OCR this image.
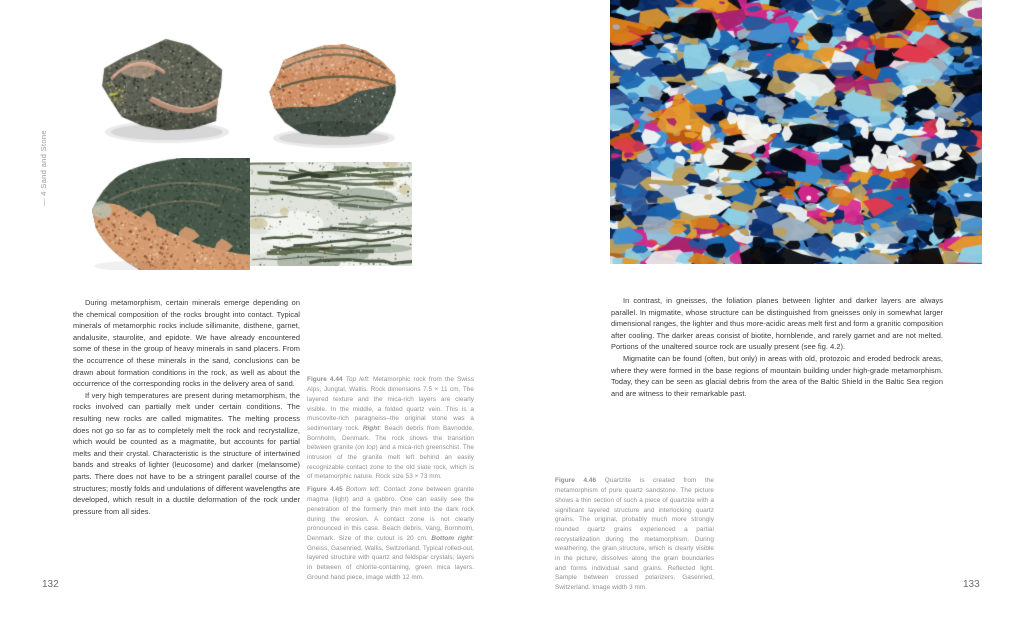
— 4 Sand and Stone

During metamorphism, certain minerals emerge depending on the chemical composition of the rocks brought into contact. Typical minerals of metamorphic rocks include sillimanite, disthene, garnet, andalusite, staurolite, and epidote. We have already encountered some of these in the group of heavy minerals in sand placers. From the occurrence of these minerals in the sand, conclusions can be drawn about formation conditions in the rock, as well as about the occurrence of the corresponding rocks in the delivery area of sand.

If very high temperatures are present during metamorphism, the rocks involved can partially melt under certain conditions. The resulting new rocks are called migmatites. The melting process does not go so far as to completely melt the rock and recrystallize, which would be counted as a magmatite, but accounts for partial melts and their crystal. Characteristic is the structure of intertwined bands and streaks of lighter (leucosome) and darker (melansome) parts. There does not have to be a stringent parallel course of the structures; mostly folds and undulations of different wavelengths are developed, which result in a ductile deformation of the rock under pressure from all sides.

Figure 4.44 Top left: Metamorphic rock from the Swiss Alps, Jungtal, Wallis. Rock dimensions 7.5 × 11 cm. The layered texture and the mica-rich layers are clearly visible. In the middle, a folded quartz vein. This is a muscovite-rich paragneiss–the original stone was a sedimentary rock. Right: Beach debris from Bavnodde, Bornholm, Denmark. The rock shows the transition between granite (on top) and a mica-rich greenschist. The intrusion of the granite melt left behind an easily recognizable contact zone to the old slate rock, which is of metamorphic nature. Rock size 53 × 73 mm.

Figure 4.45 Bottom left: Contact zone between granite magma (light) and a gabbro. One can easily see the penetration of the formerly thin melt into the dark rock during the erosion. A contact zone is not clearly pronounced in this case. Beach debris, Vang, Bornholm, Denmark. Size of the cutout is 20 cm. Bottom right: Gneiss, Gasenried, Wallis, Switzerland. Typical rolled-out, layered structure with quartz and feldspar crystals; layers in between of chlorite-containing, green mica layers. Ground hand piece, image width 12 mm.

132

In contrast, in gneisses, the foliation planes between lighter and darker layers are always parallel. In migmatite, whose structure can be distinguished from gneisses only in somewhat larger dimensional ranges, the lighter and thus more-acidic areas melt first and form a granitic composition after cooling. The darker areas consist of biotite, hornblende, and rarely garnet and are not melted. Portions of the unaltered source rock are usually present (see fig. 4.2).

Migmatite can be found (often, but only) in areas with old, protozoic and eroded bedrock areas, where they were formed in the base regions of mountain building under high-grade metamorphism. Today, they can be seen as glacial debris from the area of the Baltic Shield in the Baltic Sea region and are witness to their remarkable past.

Figure 4.46 Quartzite is created from the metamorphism of pure quartz sandstone. The picture shows a thin section of such a piece of quartzite with a significant layered structure and interlocking quartz grains. The original, probably much more strongly rounded quartz grains experienced a partial recrystallization during the metamorphism. During weathering, the grain structure, which is clearly visible in the picture, dissolves along the grain boundaries and forms individual sand grains. Reflected light. Sample between crossed polarizers. Gasenried, Switzerland. Image width 3 mm.	133
